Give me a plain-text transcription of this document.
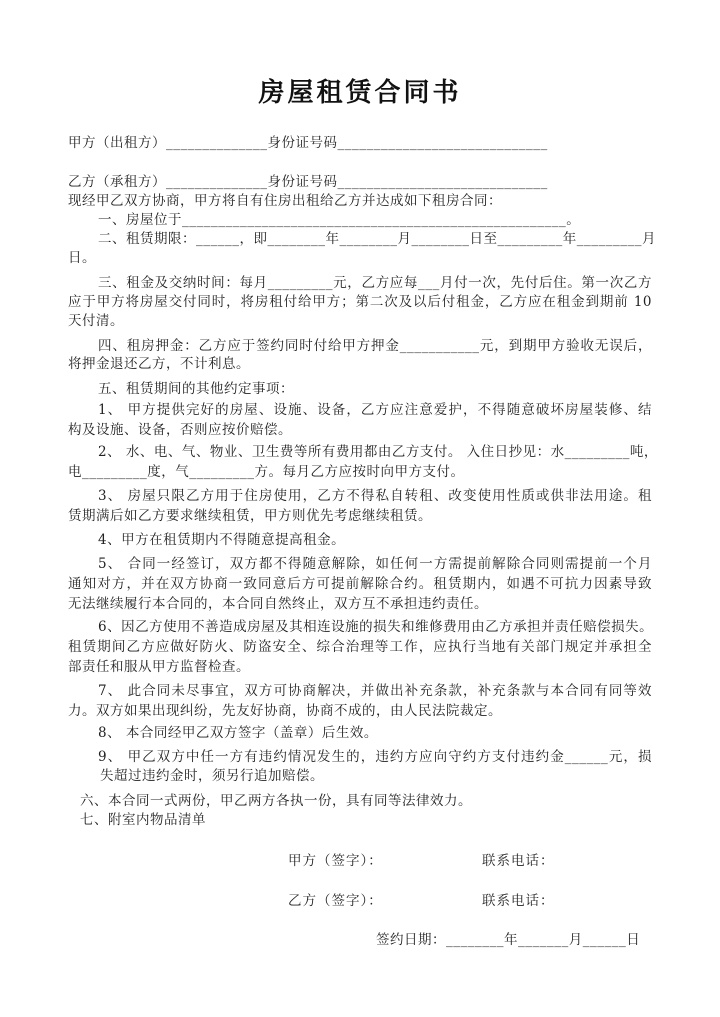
房屋租赁合同书
甲方（出租方）______________身份证号码_____________________________
乙方（承租方）______________身份证号码_____________________________
现经甲乙双方协商，甲方将自有住房出租给乙方并达成如下租房合同：
一、房屋位于_____________________________________________________。
二、租赁期限：______，即________年________月________日至_________年_________月
日。
三、租金及交纳时间：每月_________元，乙方应每___月付一次，先付后住。第一次乙方
应于甲方将房屋交付同时，将房租付给甲方；第二次及以后付租金，乙方应在租金到期前 10
天付清。
四、租房押金：乙方应于签约同时付给甲方押金___________元，到期甲方验收无误后，
将押金退还乙方，不计利息。
五、租赁期间的其他约定事项：
1、 甲方提供完好的房屋、设施、设备，乙方应注意爱护，不得随意破坏房屋装修、结
构及设施、设备，否则应按价赔偿。
2、 水、电、气、物业、卫生费等所有费用都由乙方支付。 入住日抄见：水_________吨，
电_________度，气_________方。每月乙方应按时向甲方支付。
3、 房屋只限乙方用于住房使用，乙方不得私自转租、改变使用性质或供非法用途。租
赁期满后如乙方要求继续租赁，甲方则优先考虑继续租赁。
4、甲方在租赁期内不得随意提高租金。
5、 合同一经签订，双方都不得随意解除，如任何一方需提前解除合同则需提前一个月
通知对方，并在双方协商一致同意后方可提前解除合约。租赁期内，如遇不可抗力因素导致
无法继续履行本合同的，本合同自然终止，双方互不承担违约责任。
6、因乙方使用不善造成房屋及其相连设施的损失和维修费用由乙方承担并责任赔偿损失。
租赁期间乙方应做好防火、防盗安全、综合治理等工作，应执行当地有关部门规定并承担全
部责任和服从甲方监督检查。
7、 此合同未尽事宜，双方可协商解决，并做出补充条款，补充条款与本合同有同等效
力。双方如果出现纠纷，先友好协商，协商不成的，由人民法院裁定。
8、 本合同经甲乙双方签字（盖章）后生效。
9、 甲乙双方中任一方有违约情况发生的，违约方应向守约方支付违约金______元，损
失超过违约金时，须另行追加赔偿。
六、本合同一式两份，甲乙两方各执一份，具有同等法律效力。
七、附室内物品清单
甲方（签字）：	联系电话：
乙方（签字）：	联系电话：
签约日期：________年_______月______日
